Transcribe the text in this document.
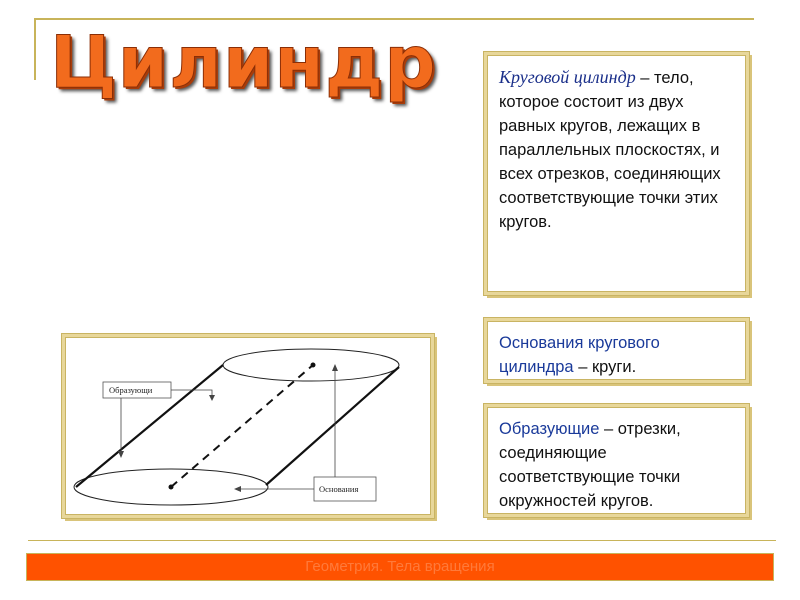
Цилиндр	Круговой цилиндр – тело, которое состоит из двух равных кругов, лежащих в параллельных плоскостях, и всех отрезков, соединяющих соответствующие точки этих кругов.
Образующи
Основания
Основания кругового цилиндра – круги.
Образующие – отрезки, соединяющие соответствующие точки окружностей кругов.
Геометрия. Тела вращения
